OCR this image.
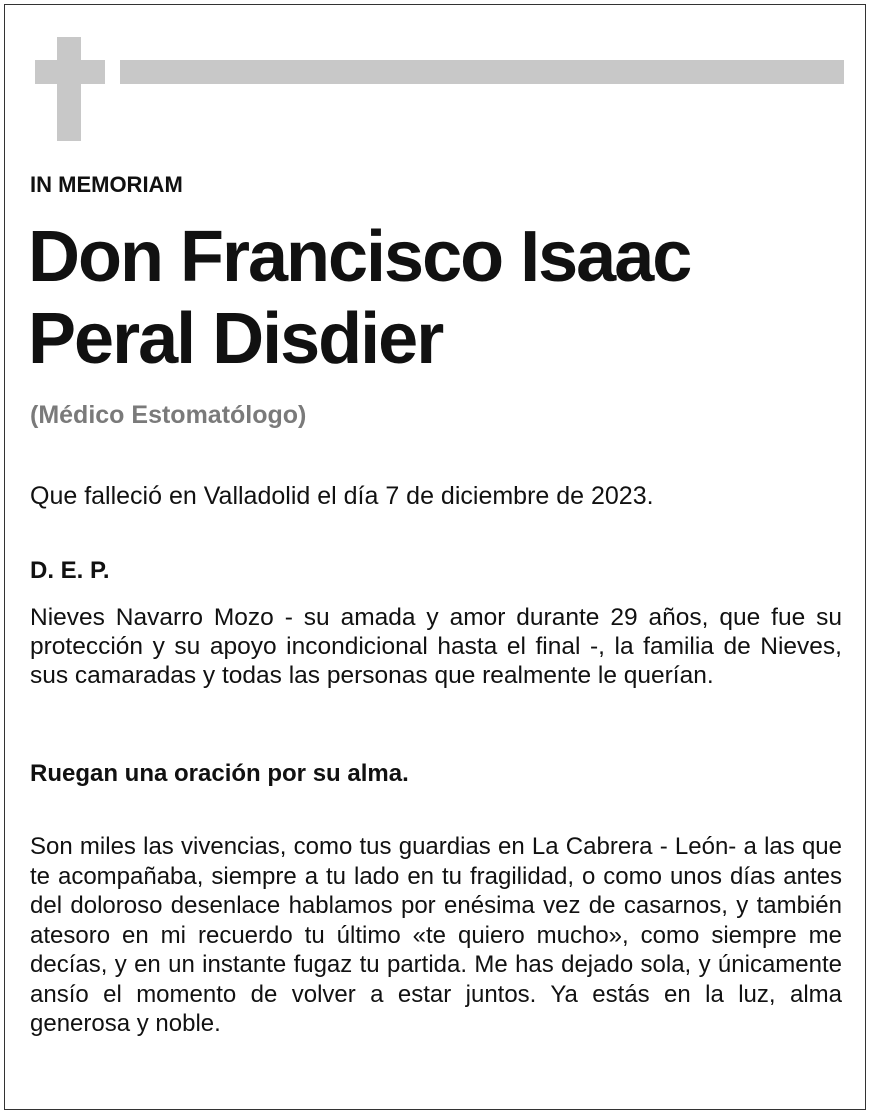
IN MEMORIAM
Don Francisco Isaac Peral Disdier
(Médico Estomatólogo)
Que falleció en Valladolid el día 7 de diciembre de 2023.
D. E. P.

Nieves Navarro Mozo - su amada y amor durante 29 años, que fue su protección y su apoyo incondicional hasta el final -, la familia de Nieves, sus camaradas y todas las personas que realmente le querían.

Ruegan una oración por su alma.

Son miles las vivencias, como tus guardias en La Cabrera - León- a las que te acompañaba, siempre a tu lado en tu fragilidad, o como unos días antes del doloroso desenlace hablamos por enésima vez de casarnos, y también atesoro en mi recuerdo tu último «te quiero mucho», como siempre me decías, y en un instante fugaz tu partida. Me has dejado sola, y únicamente ansío el momento de volver a estar juntos. Ya estás en la luz, alma generosa y noble.
